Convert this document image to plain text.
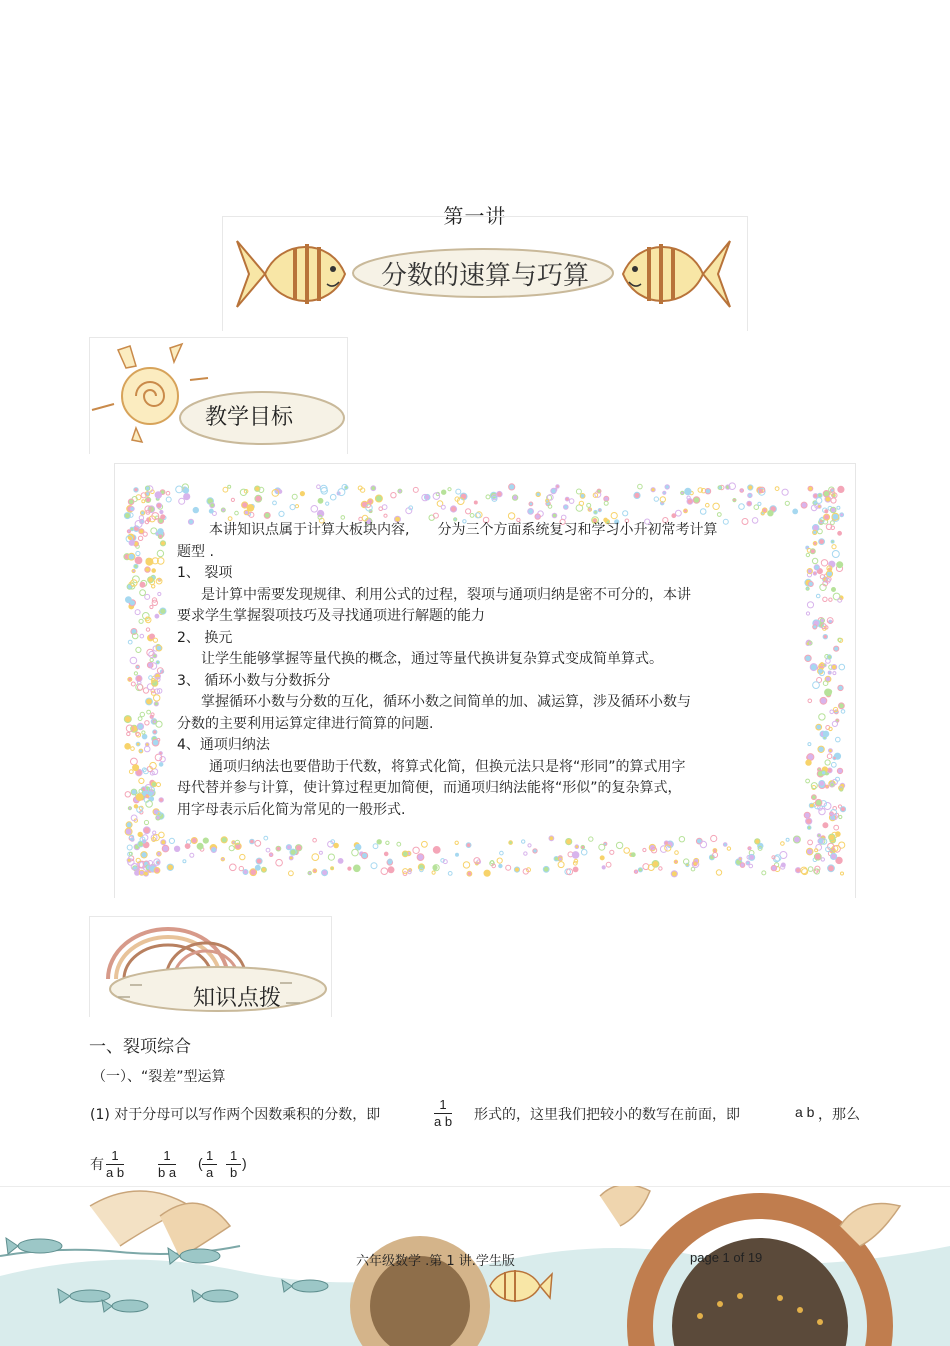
第一讲
分数的速算与巧算
教学目标

本讲知识点属于计算大板块内容,　　分为三个方面系统复习和学习小升初常考计算

题型 .

1、 裂项

是计算中需要发现规律、利用公式的过程，裂项与通项归纳是密不可分的，本讲

要求学生掌握裂项技巧及寻找通项进行解题的能力

2、 换元

让学生能够掌握等量代换的概念，通过等量代换讲复杂算式变成简单算式。

3、 循环小数与分数拆分

掌握循环小数与分数的互化，循环小数之间简单的加、减运算，涉及循环小数与

分数的主要利用运算定律进行简算的问题.

4、通项归纳法

通项归纳法也要借助于代数，将算式化简，但换元法只是将“形同”的算式用字

母代替并参与计算，使计算过程更加简便，而通项归纳法能将“形似”的复杂算式，

用字母表示后化简为常见的一般形式.

知识点拨
一、裂项综合
（一）、“裂差”型运算
(1) 对于分母可以写作两个因数乘积的分数，即	$\frac{1}{\text{a b}}$ 形式的，这里我们把较小的数写在前面，即	a b ，那么
有 $\frac{1}{\text{a b}}$	$\frac{1}{\text{b a}}$ ( $\frac{1}{a} \frac{1}{b}$ )
六年级数学 .第 1 讲.学生版	page 1 of 19
